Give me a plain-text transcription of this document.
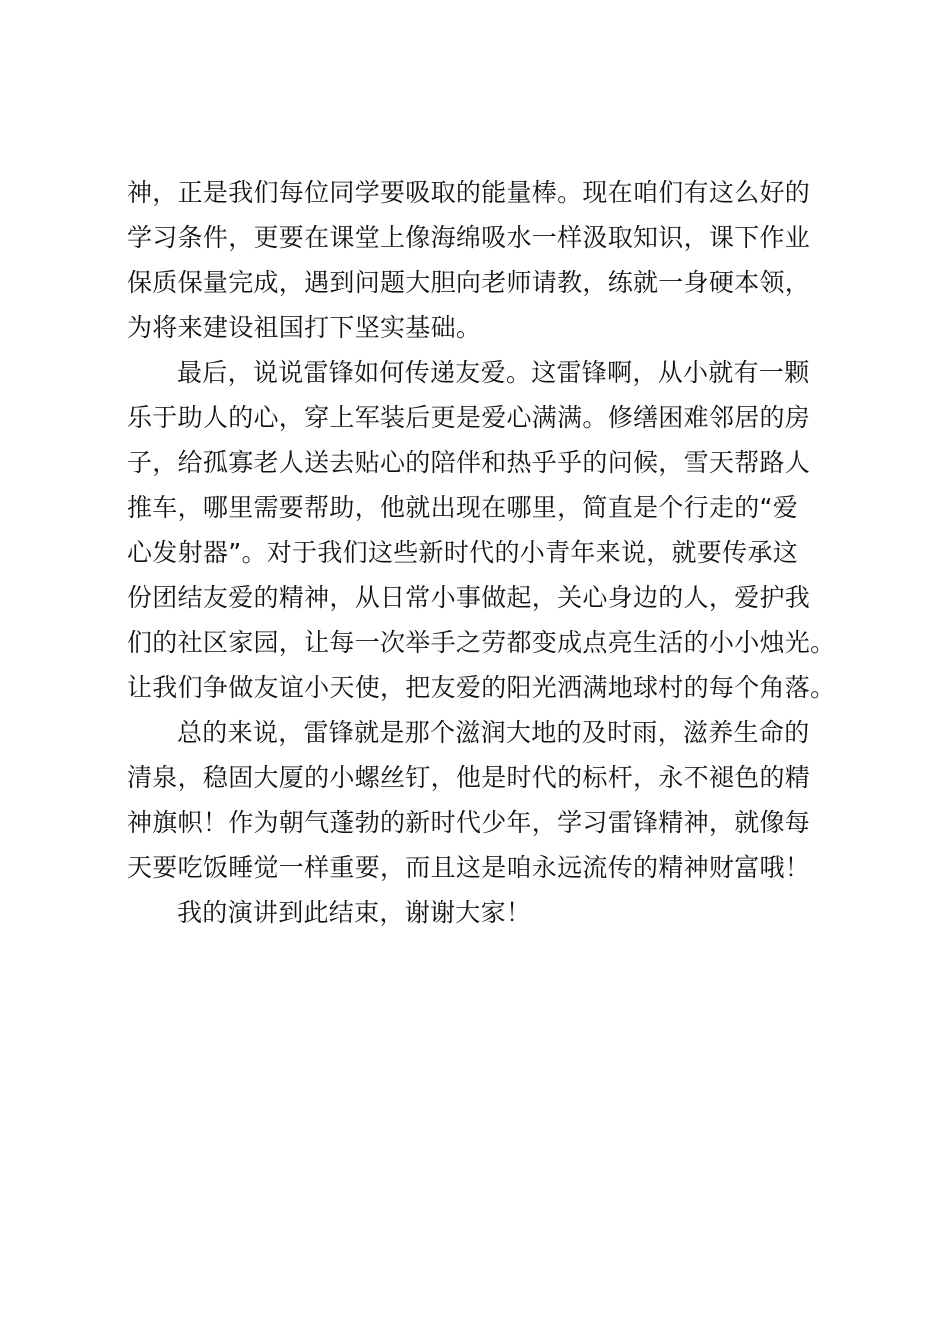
神，正是我们每位同学要吸取的能量棒。现在咱们有这么好的
学习条件，更要在课堂上像海绵吸水一样汲取知识，课下作业
保质保量完成，遇到问题大胆向老师请教，练就一身硬本领，
为将来建设祖国打下坚实基础。
最后，说说雷锋如何传递友爱。这雷锋啊，从小就有一颗
乐于助人的心，穿上军装后更是爱心满满。修缮困难邻居的房
子，给孤寡老人送去贴心的陪伴和热乎乎的问候，雪天帮路人
推车，哪里需要帮助，他就出现在哪里，简直是个行走的“爱
心发射器”。对于我们这些新时代的小青年来说，就要传承这
份团结友爱的精神，从日常小事做起，关心身边的人，爱护我
们的社区家园，让每一次举手之劳都变成点亮生活的小小烛光。
让我们争做友谊小天使，把友爱的阳光洒满地球村的每个角落。
总的来说，雷锋就是那个滋润大地的及时雨，滋养生命的
清泉，稳固大厦的小螺丝钉，他是时代的标杆，永不褪色的精
神旗帜！作为朝气蓬勃的新时代少年，学习雷锋精神，就像每
天要吃饭睡觉一样重要，而且这是咱永远流传的精神财富哦！
我的演讲到此结束，谢谢大家！
